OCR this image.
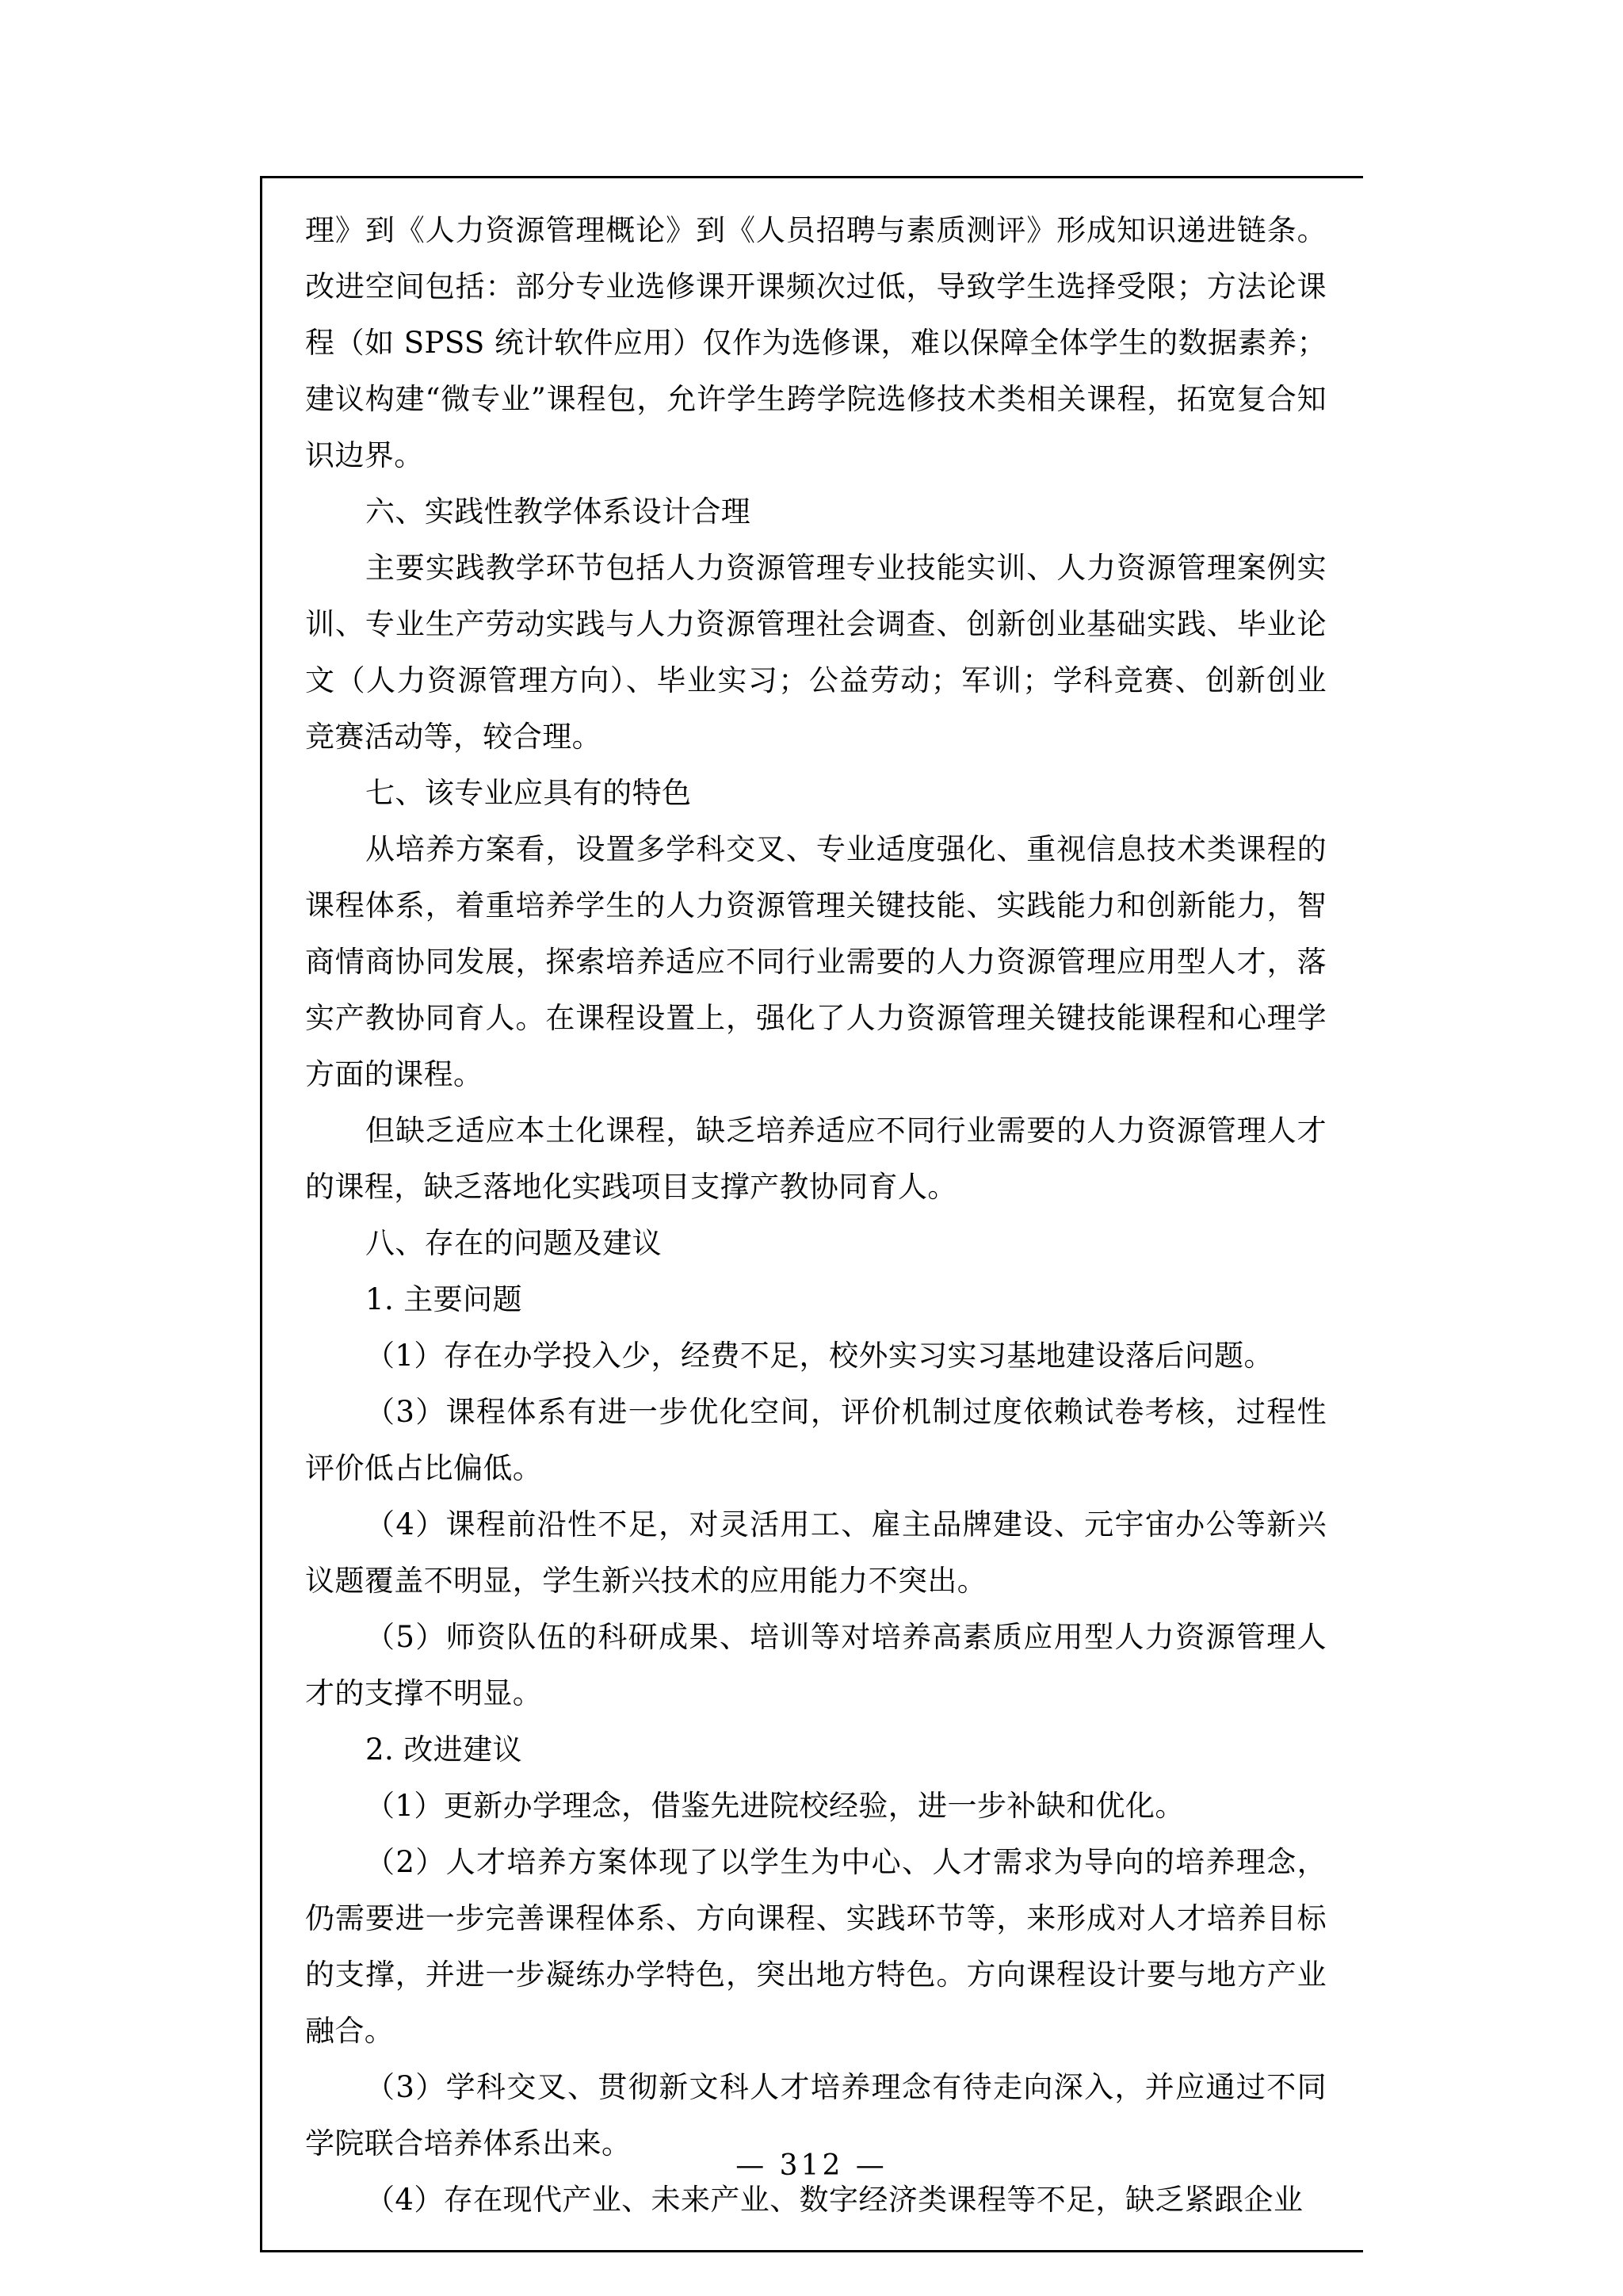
理》到《人力资源管理概论》到《人员招聘与素质测评》形成知识递进链条。改进空间包括：部分专业选修课开课频次过低，导致学生选择受限；方法论课程（如 SPSS 统计软件应用）仅作为选修课，难以保障全体学生的数据素养；建议构建“微专业”课程包，允许学生跨学院选修技术类相关课程，拓宽复合知识边界。

六、实践性教学体系设计合理

主要实践教学环节包括人力资源管理专业技能实训、人力资源管理案例实训、专业生产劳动实践与人力资源管理社会调查、创新创业基础实践、毕业论文（人力资源管理方向）、毕业实习；公益劳动；军训；学科竞赛、创新创业竞赛活动等，较合理。

七、该专业应具有的特色

从培养方案看，设置多学科交叉、专业适度强化、重视信息技术类课程的课程体系，着重培养学生的人力资源管理关键技能、实践能力和创新能力，智商情商协同发展，探索培养适应不同行业需要的人力资源管理应用型人才，落实产教协同育人。在课程设置上，强化了人力资源管理关键技能课程和心理学方面的课程。

但缺乏适应本土化课程，缺乏培养适应不同行业需要的人力资源管理人才的课程，缺乏落地化实践项目支撑产教协同育人。

八、存在的问题及建议

1. 主要问题

（1）存在办学投入少，经费不足，校外实习实习基地建设落后问题。

（3）课程体系有进一步优化空间，评价机制过度依赖试卷考核，过程性评价低占比偏低。

（4）课程前沿性不足，对灵活用工、雇主品牌建设、元宇宙办公等新兴议题覆盖不明显，学生新兴技术的应用能力不突出。

（5）师资队伍的科研成果、培训等对培养高素质应用型人力资源管理人才的支撑不明显。

2. 改进建议

（1）更新办学理念，借鉴先进院校经验，进一步补缺和优化。

（2）人才培养方案体现了以学生为中心、人才需求为导向的培养理念，仍需要进一步完善课程体系、方向课程、实践环节等，来形成对人才培养目标的支撑，并进一步凝练办学特色，突出地方特色。方向课程设计要与地方产业融合。

（3）学科交叉、贯彻新文科人才培养理念有待走向深入，并应通过不同学院联合培养体系出来。

（4）存在现代产业、未来产业、数字经济类课程等不足，缺乏紧跟企业

— 312 —
